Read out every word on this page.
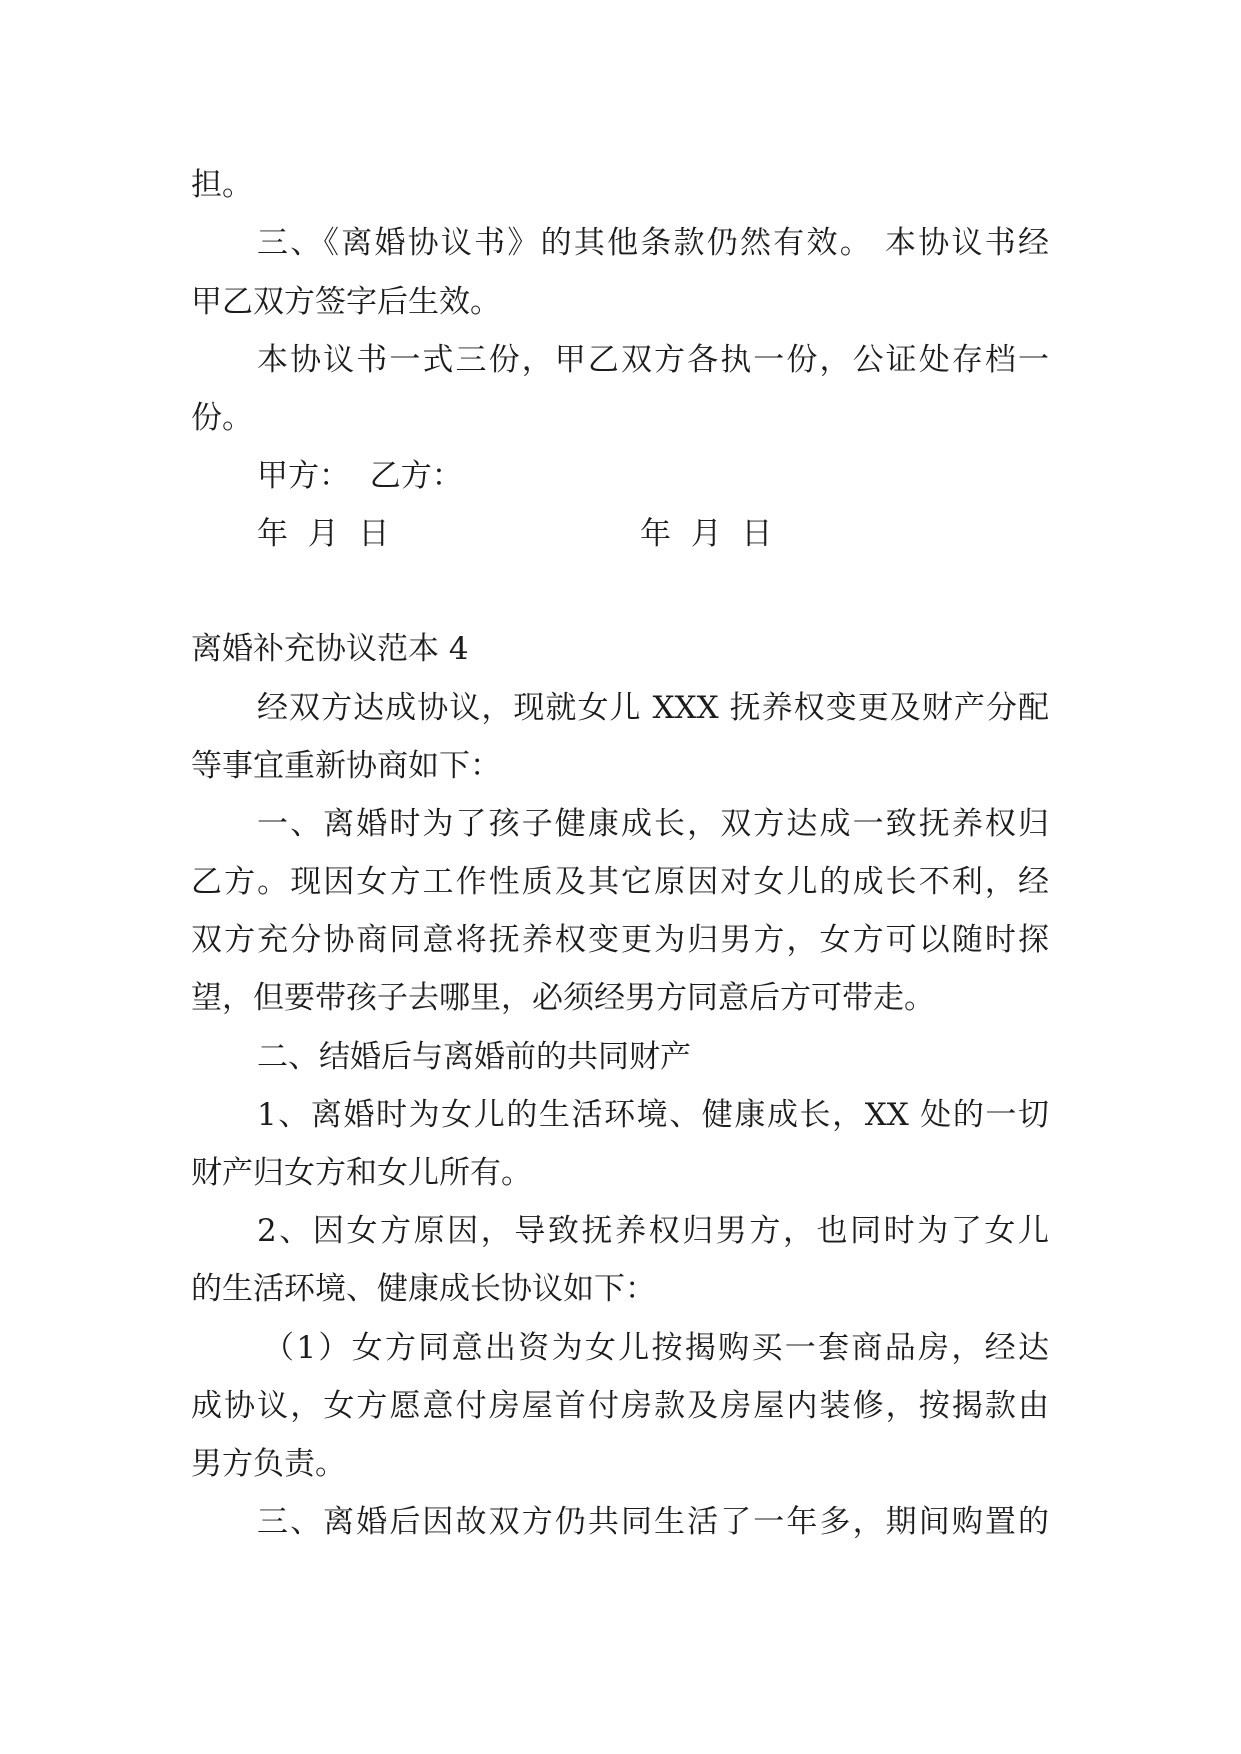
担。

三、《离婚协议书》的其他条款仍然有效。 本协议书经

甲乙双方签字后生效。

本协议书一式三份，甲乙双方各执一份，公证处存档一

份。

甲方：  乙方：

年  月  日	年  月  日

离婚补充协议范本 4

经双方达成协议，现就女儿 XXX 抚养权变更及财产分配

等事宜重新协商如下：

一、离婚时为了孩子健康成长，双方达成一致抚养权归

乙方。现因女方工作性质及其它原因对女儿的成长不利，经

双方充分协商同意将抚养权变更为归男方，女方可以随时探

望，但要带孩子去哪里，必须经男方同意后方可带走。

二、结婚后与离婚前的共同财产

1、离婚时为女儿的生活环境、健康成长，XX 处的一切

财产归女方和女儿所有。

2、因女方原因，导致抚养权归男方，也同时为了女儿

的生活环境、健康成长协议如下：

（1）女方同意出资为女儿按揭购买一套商品房，经达

成协议，女方愿意付房屋首付房款及房屋内装修，按揭款由

男方负责。

三、离婚后因故双方仍共同生活了一年多，期间购置的
